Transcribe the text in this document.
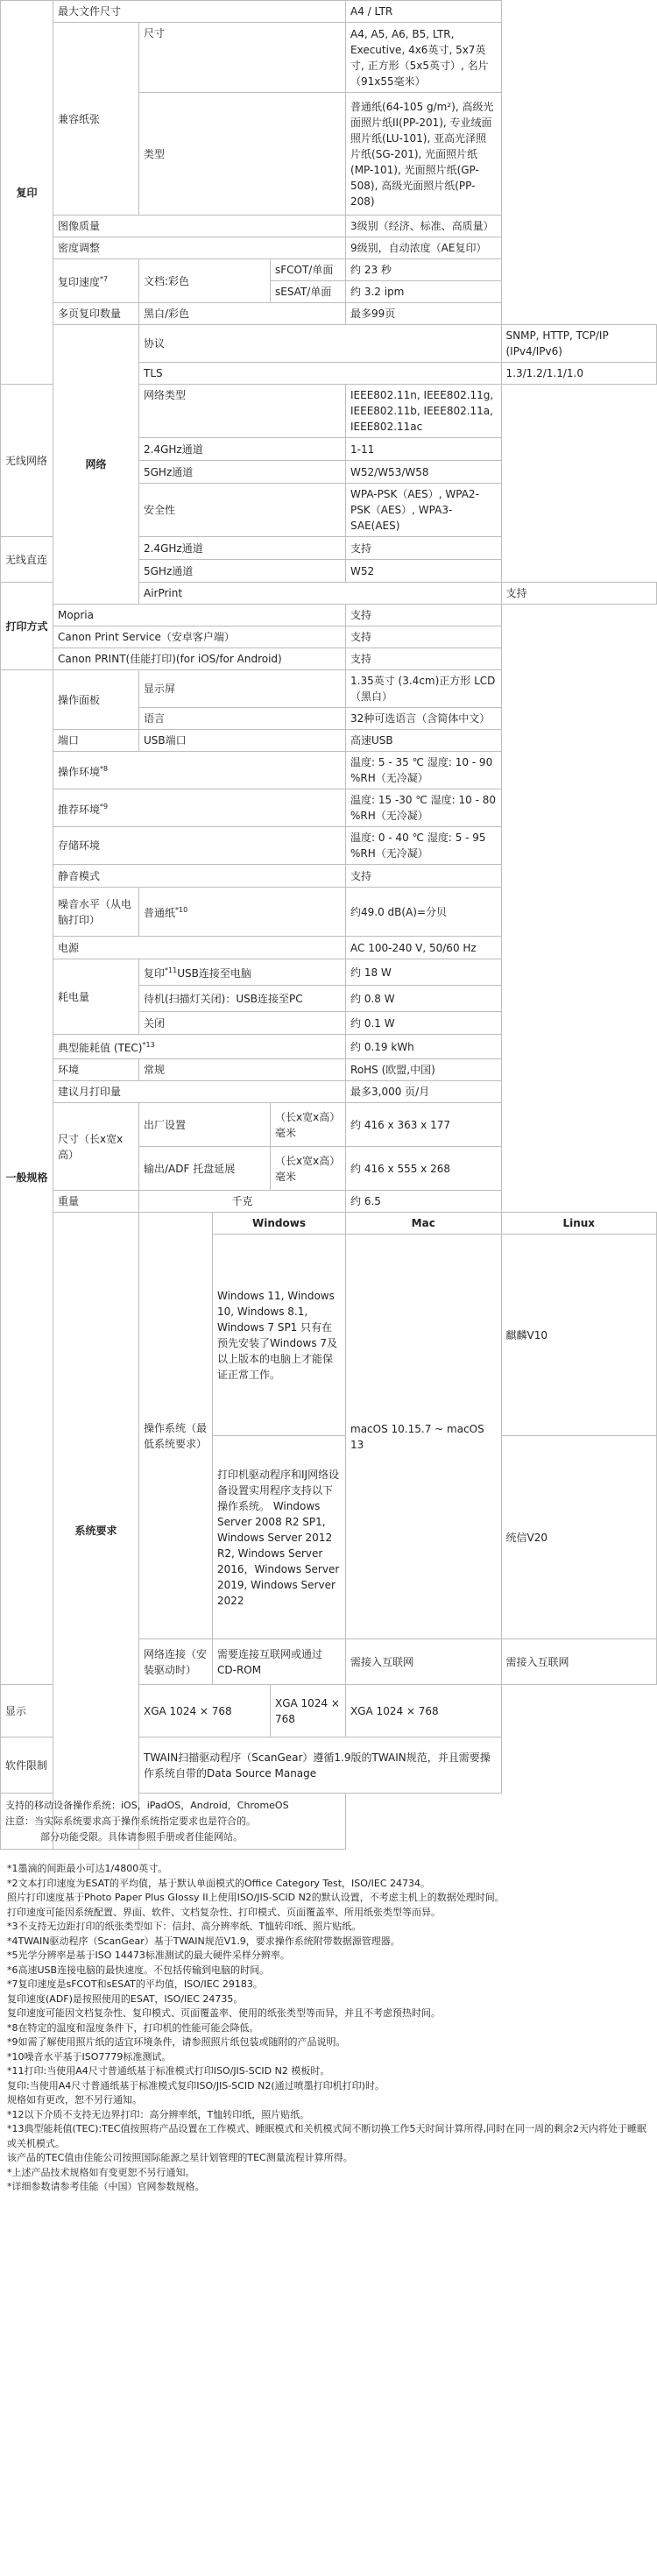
复印	最大文件尺寸				A4 / LTR	
	兼容纸张	尺寸			A4, A5, A6, B5, LTR, Executive, 4x6英寸, 5x7英寸, 正方形（5x5英寸）, 名片（91x55毫米）	
		类型			普通纸(64-105 g/m²), 高级光面照片纸II(PP-201), 专业绒面照片纸(LU-101), 亚高光泽照片纸(SG-201), 光面照片纸(MP-101), 光面照片纸(GP-508), 高级光面照片纸(PP-208)	
	图像质量				3级别（经济、标准、高质量）	
	密度调整				9级别，自动浓度（AE复印）	
	复印速度$^{*7}$	文档:彩色		sFCOT/单面	约 23 秒	
				sESAT/单面	约 3.2 ipm	
	多页复印数量	黑白/彩色			最多99页	
	网络	协议				SNMP, HTTP, TCP/IP (IPv4/IPv6)
		TLS				1.3/1.2/1.1/1.0
无线网络		网络类型			IEEE802.11n, IEEE802.11g, IEEE802.11b, IEEE802.11a, IEEE802.11ac	
		2.4GHz通道			1-11	
		5GHz通道			W52/W53/W58	
		安全性			WPA-PSK（AES）, WPA2-PSK（AES）, WPA3-SAE(AES)	
无线直连		2.4GHz通道			支持	
		5GHz通道			W52	
打印方式		AirPrint				支持
	Mopria				支持	
	Canon Print Service（安卓客户端）				支持	
	Canon PRINT(佳能打印)(for iOS/for Android)				支持	
一般规格	操作面板	显示屏			1.35英寸 (3.4cm)正方形 LCD（黑白）	
		语言			32种可选语言（含简体中文）	
	端口	USB端口			高速USB	
	操作环境$^{*8}$				温度: 5 - 35 ℃ 湿度: 10 - 90 %RH（无冷凝）	
	推荐环境$^{*9}$				温度: 15 -30 ℃ 湿度: 10 - 80 %RH（无冷凝）	
	存储环境				温度: 0 - 40 ℃ 湿度: 5 - 95 %RH（无冷凝）	
	静音模式				支持	
	噪音水平（从电脑打印）	普通纸$^{*10}$			约49.0 dB(A)=分贝	
	电源				AC 100-240 V, 50/60 Hz	
	耗电量	复印$^{*11}$USB连接至电脑			约 18 W	
		待机(扫描灯关闭)：USB连接至PC			约 0.8 W	
		关闭			约 0.1 W	
	典型能耗值 (TEC)$^{*13}$				约 0.19 kWh	
	环境	常规			RoHS (欧盟,中国)	
	建议月打印量				最多3,000 页/月	
	尺寸（长x宽x高）	出厂设置		（长x宽x高）毫米	约 416 x 363 x 177	
		输出/ADF 托盘延展		（长x宽x高）毫米	约 416 x 555 x 268	
	重量	千克			约 6.5	
	系统要求		Windows		Mac	Linux
		操作系统（最低系统要求）	Windows 11, Windows 10, Windows 8.1, Windows 7 SP1 只有在预先安装了Windows 7及以上版本的电脑上才能保证正常工作。		macOS 10.15.7 ~ macOS 13	麒麟V10
			打印机驱动程序和IJ网络设备设置实用程序支持以下操作系统。 Windows Server 2008 R2 SP1, Windows Server 2012 R2, Windows Server 2016，Windows Server 2019, Windows Server 2022			统信V20
		网络连接（安装驱动时）	需要连接互联网或通过CD-ROM		需接入互联网	需接入互联网
显示		XGA 1024 × 768		XGA 1024 × 768	XGA 1024 × 768	
软件限制		TWAIN扫描驱动程序（ScanGear）遵循1.9版的TWAIN规范，并且需要操作系统自带的Data Source Manage				

支持的移动设备操作系统：iOS，iPadOS，Android，ChromeOS

注意：当实际系统要求高于操作系统指定要求也是符合的。

部分功能受限。具体请参照手册或者佳能网站。						

*1墨滴的间距最小可达1/4800英寸。

*2文本打印速度为ESAT的平均值，基于默认单面模式的Office Category Test，ISO/IEC 24734。

照片打印速度基于Photo Paper Plus Glossy II上使用ISO/JIS-SCID N2的默认设置，不考虑主机上的数据处理时间。

打印速度可能因系统配置、界面、软件、文档复杂性、打印模式、页面覆盖率、所用纸张类型等而异。

*3不支持无边距打印的纸张类型如下：信封、高分辨率纸、T恤转印纸、照片贴纸。

*4TWAIN驱动程序（ScanGear）基于TWAIN规范V1.9，要求操作系统附带数据源管理器。

*5光学分辨率是基于ISO 14473标准测试的最大硬件采样分辨率。

*6高速USB连接电脑的最快速度。不包括传输到电脑的时间。

*7复印速度是sFCOT和sESAT的平均值，ISO/IEC 29183。

复印速度(ADF)是按照使用的ESAT，ISO/IEC 24735。

复印速度可能因文档复杂性、复印模式、页面覆盖率、使用的纸张类型等而异，并且不考虑预热时间。

*8在特定的温度和湿度条件下，打印机的性能可能会降低。

*9如需了解使用照片纸的适宜环境条件，请参照照片纸包装或随附的产品说明。

*10噪音水平基于ISO7779标准测试。

*11打印:当使用A4尺寸普通纸基于标准模式打印ISO/JIS-SCID N2 模板时。

复印:当使用A4尺寸普通纸基于标准模式复印ISO/JIS-SCID N2(通过喷墨打印机打印)时。

规格如有更改，恕不另行通知。

*12以下介质不支持无边界打印：高分辨率纸，T恤转印纸，照片贴纸。

*13典型能耗值(TEC):TEC值按照将产品设置在工作模式、睡眠模式和关机模式间不断切换工作5天时间计算所得,同时在同一周的剩余2天内将处于睡眠或关机模式。

该产品的TEC值由佳能公司按照国际能源之星计划管理的TEC测量流程计算所得。

*上述产品技术规格如有变更恕不另行通知。

*详细参数请参考佳能（中国）官网参数规格。
